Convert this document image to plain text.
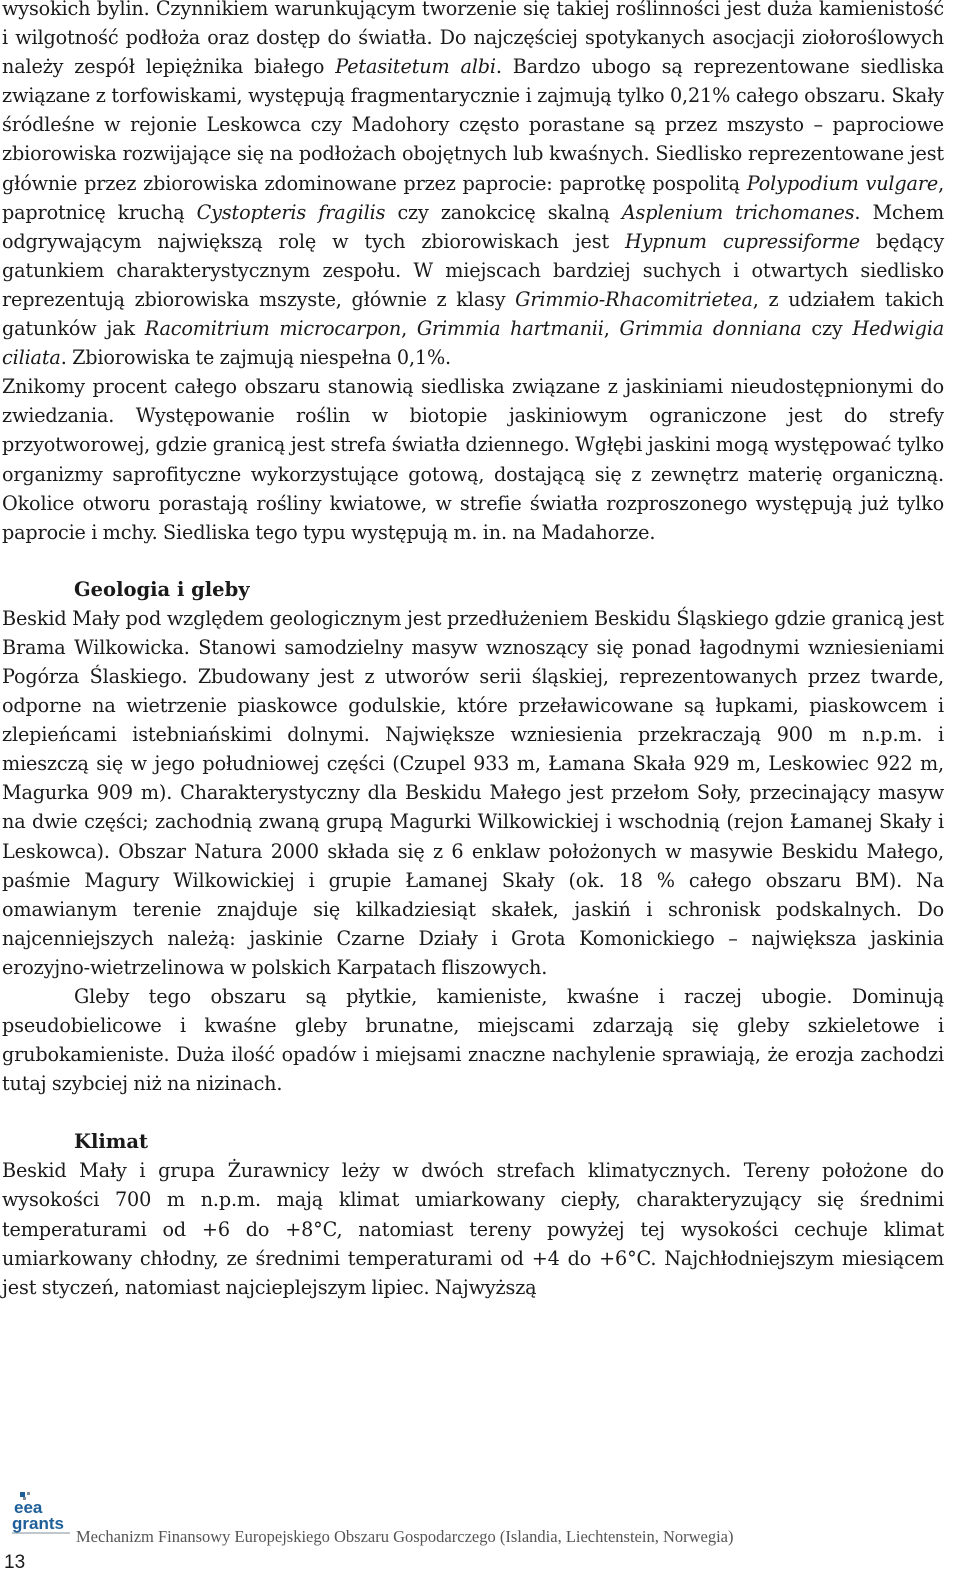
wysokich bylin. Czynnikiem warunkującym tworzenie się takiej roślinności jest duża kamienistość i wilgotność podłoża oraz dostęp do światła. Do najczęściej spotykanych asocjacji ziołoroślowych należy zespół lepiężnika białego Petasitetum albi. Bardzo ubogo są reprezentowane siedliska związane z torfowiskami, występują fragmentarycznie i zajmują tylko 0,21% całego obszaru. Skały śródleśne w rejonie Leskowca czy Madohory często porastane są przez mszysto – paprociowe zbiorowiska rozwijające się na podłożach obojętnych lub kwaśnych. Siedlisko reprezentowane jest głównie przez zbiorowiska zdominowane przez paprocie: paprotkę pospolitą Polypodium vulgare, paprotnicę kruchą Cystopteris fragilis czy zanokcicę skalną Asplenium trichomanes. Mchem odgrywającym największą rolę w tych zbiorowiskach jest Hypnum cupressiforme będący gatunkiem charakterystycznym zespołu. W miejscach bardziej suchych i otwartych siedlisko reprezentują zbiorowiska mszyste, głównie z klasy Grimmio-Rhacomitrietea, z udziałem takich gatunków jak Racomitrium microcarpon, Grimmia hartmanii, Grimmia donniana czy Hedwigia ciliata. Zbiorowiska te zajmują niespełna 0,1%.

Znikomy procent całego obszaru stanowią siedliska związane z jaskiniami nieudostępnionymi do zwiedzania. Występowanie roślin w biotopie jaskiniowym ograniczone jest do strefy przyotworowej, gdzie granicą jest strefa światła dziennego. Wgłębi jaskini mogą występować tylko organizmy saprofityczne wykorzystujące gotową, dostającą się z zewnętrz materię organiczną. Okolice otworu porastają rośliny kwiatowe, w strefie światła rozproszonego występują już tylko paprocie i mchy. Siedliska tego typu występują m. in. na Madahorze.

Geologia i gleby

Beskid Mały pod względem geologicznym jest przedłużeniem Beskidu Śląskiego gdzie granicą jest Brama Wilkowicka. Stanowi samodzielny masyw wznoszący się ponad łagodnymi wzniesieniami Pogórza Ślaskiego. Zbudowany jest z utworów serii śląskiej, reprezentowanych przez twarde, odporne na wietrzenie piaskowce godulskie, które przeławicowane są łupkami, piaskowcem i zlepieńcami istebniańskimi dolnymi. Największe wzniesienia przekraczają 900 m n.p.m. i mieszczą się w jego południowej części (Czupel 933 m, Łamana Skała 929 m, Leskowiec 922 m, Magurka 909 m). Charakterystyczny dla Beskidu Małego jest przełom Soły, przecinający masyw na dwie części; zachodnią zwaną grupą Magurki Wilkowickiej i wschodnią (rejon Łamanej Skały i Leskowca). Obszar Natura 2000 składa się z 6 enklaw położonych w masywie Beskidu Małego, paśmie Magury Wilkowickiej i grupie Łamanej Skały (ok. 18 % całego obszaru BM). Na omawianym terenie znajduje się kilkadziesiąt skałek, jaskiń i schronisk podskalnych. Do najcenniejszych należą: jaskinie Czarne Działy i Grota Komonickiego – największa jaskinia erozyjno-wietrzelinowa w polskich Karpatach fliszowych.

Gleby tego obszaru są płytkie, kamieniste, kwaśne i raczej ubogie. Dominują pseudobielicowe i kwaśne gleby brunatne, miejscami zdarzają się gleby szkieletowe i grubokamieniste. Duża ilość opadów i miejsami znaczne nachylenie sprawiają, że erozja zachodzi tutaj szybciej niż na nizinach.

Klimat

Beskid Mały i grupa Żurawnicy leży w dwóch strefach klimatycznych. Tereny położone do wysokości 700 m n.p.m. mają klimat umiarkowany ciepły, charakteryzujący się średnimi temperaturami od +6 do +8°C, natomiast tereny powyżej tej wysokości cechuje klimat umiarkowany chłodny, ze średnimi temperaturami od +4 do +6°C. Najchłodniejszym miesiącem jest styczeń, natomiast najcieplejszym lipiec. Najwyższą

eea
grants
Mechanizm Finansowy Europejskiego Obszaru Gospodarczego (Islandia, Liechtenstein, Norwegia)
13
